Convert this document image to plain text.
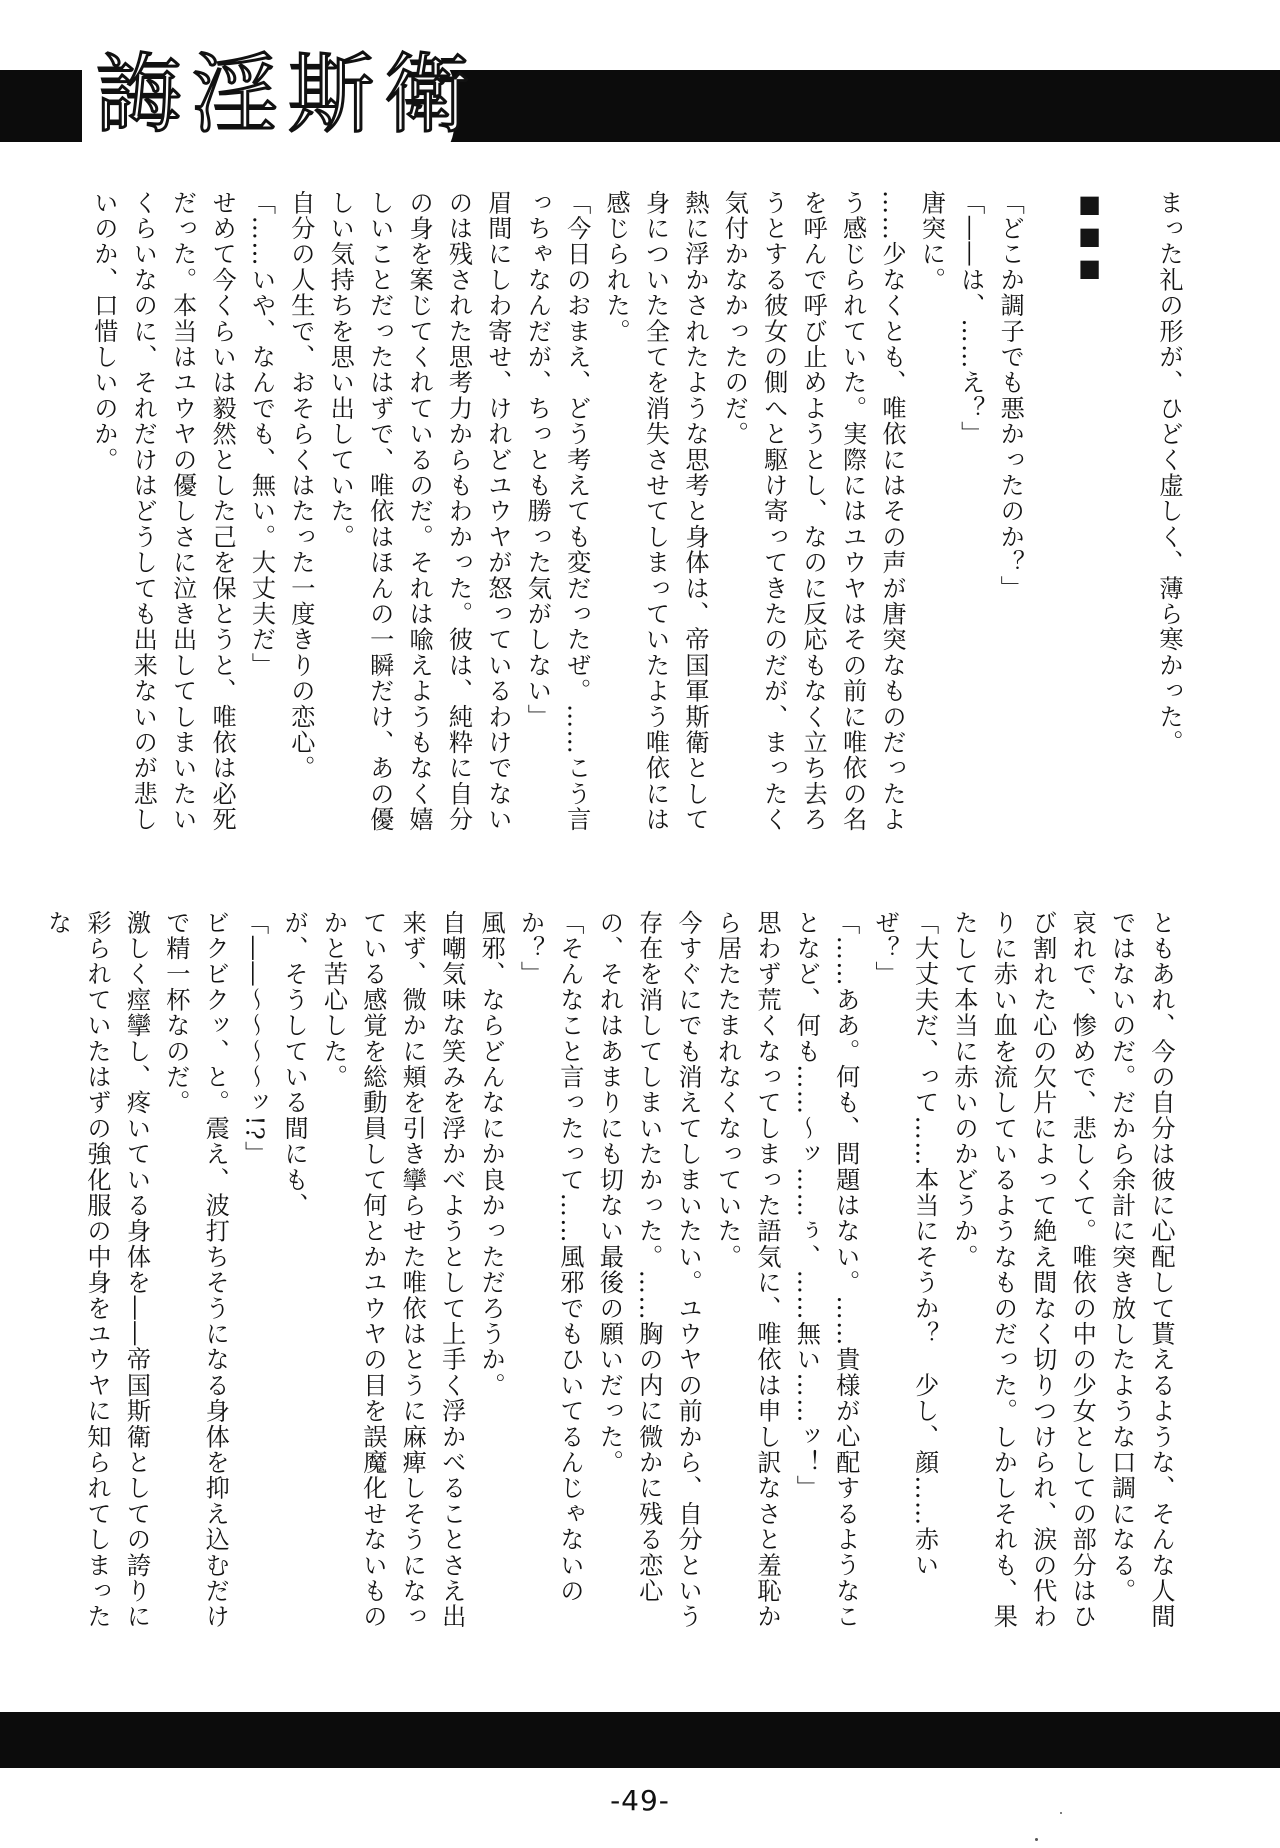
誨淫斯衛

まった礼の形が、ひどく虚しく、薄ら寒かった。

■■■

「どこか調子でも悪かったのか？」

「――は、……え？」

唐突に。

……少なくとも、唯依にはその声が唐突なものだったよう感じられていた。実際にはユウヤはその前に唯依の名を呼んで呼び止めようとし、なのに反応もなく立ち去ろうとする彼女の側へと駆け寄ってきたのだが、まったく気付かなかったのだ。

熱に浮かされたような思考と身体は、帝国軍斯衛として身についた全てを消失させてしまっていたよう唯依には感じられた。

「今日のおまえ、どう考えても変だったぜ。……こう言っちゃなんだが、ちっとも勝った気がしない」

眉間にしわ寄せ、けれどユウヤが怒っているわけでないのは残された思考力からもわかった。彼は、純粋に自分の身を案じてくれているのだ。それは喩えようもなく嬉しいことだったはずで、唯依はほんの一瞬だけ、あの優しい気持ちを思い出していた。

自分の人生で、おそらくはたった一度きりの恋心。

「……いや、なんでも、無い。大丈夫だ」

せめて今くらいは毅然とした己を保とうと、唯依は必死だった。本当はユウヤの優しさに泣き出してしまいたいくらいなのに、それだけはどうしても出来ないのが悲しいのか、口惜しいのか。

ともあれ、今の自分は彼に心配して貰えるような、そんな人間ではないのだ。だから余計に突き放したような口調になる。

哀れで、惨めで、悲しくて。唯依の中の少女としての部分はひび割れた心の欠片によって絶え間なく切りつけられ、涙の代わりに赤い血を流しているようなものだった。しかしそれも、果たして本当に赤いのかどうか。

「大丈夫だ、って……本当にそうか？　少し、顔……赤いぜ？」

「……ああ。何も、問題はない。……貴様が心配するようなことなど、何も……～ッ……ぅ、……無い……ッ！」

思わず荒くなってしまった語気に、唯依は申し訳なさと羞恥から居たたまれなくなっていた。

今すぐにでも消えてしまいたい。ユウヤの前から、自分という存在を消してしまいたかった。……胸の内に微かに残る恋心の、それはあまりにも切ない最後の願いだった。

「そんなこと言ったって……風邪でもひいてるんじゃないのか？」

風邪、ならどんなにか良かっただろうか。

自嘲気味な笑みを浮かべようとして上手く浮かべることさえ出来ず、微かに頬を引き攣らせた唯依はとうに麻痺しそうになっている感覚を総動員して何とかユウヤの目を誤魔化せないものかと苦心した。

が、そうしている間にも、

「――～～～～ッ!?」

ビクビクッ、と。震え、波打ちそうになる身体を抑え込むだけで精一杯なのだ。

激しく痙攣し、疼いている身体を――帝国斯衛としての誇りに彩られていたはずの強化服の中身をユウヤに知られてしまったな

-49-
